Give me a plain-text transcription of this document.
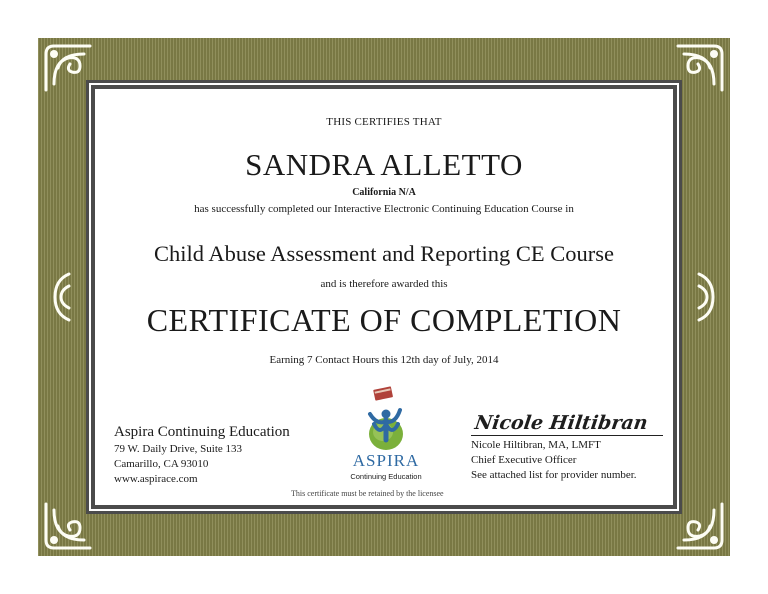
THIS CERTIFIES THAT
SANDRA ALLETTO
California N/A
has successfully completed our Interactive Electronic Continuing Education Course in
Child Abuse Assessment and Reporting CE Course
and is therefore awarded this
CERTIFICATE OF COMPLETION
Earning 7 Contact Hours this 12th day of July, 2014
Aspira Continuing Education
79 W. Daily Drive, Suite 133
Camarillo, CA 93010
www.aspirace.com
ASPIRA
Continuing Education
This certificate must be retained by the licensee
Nicole Hiltibran
Nicole Hiltibran, MA, LMFT
Chief Executive Officer
See attached list for provider number.
